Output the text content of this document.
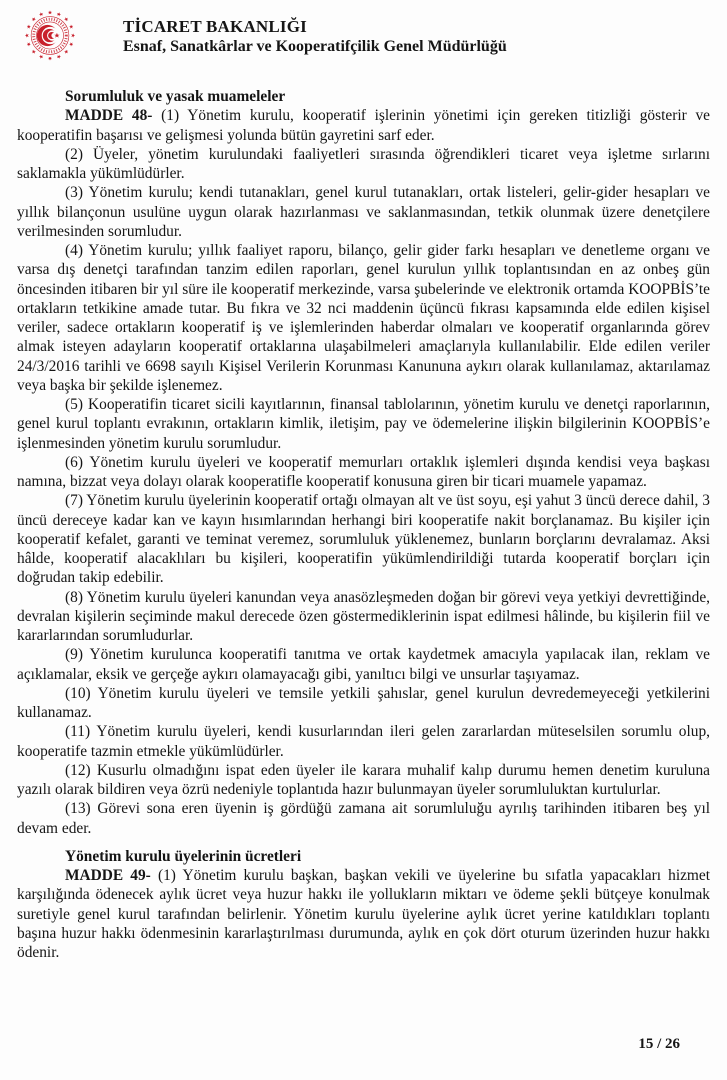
TİCARET BAKANLIĞI
Esnaf, Sanatkârlar ve Kooperatifçilik Genel Müdürlüğü
Sorumluluk ve yasak muameleler

MADDE 48- (1) Yönetim kurulu, kooperatif işlerinin yönetimi için gereken titizliği gösterir ve kooperatifin başarısı ve gelişmesi yolunda bütün gayretini sarf eder.

(2) Üyeler, yönetim kurulundaki faaliyetleri sırasında öğrendikleri ticaret veya işletme sırlarını saklamakla yükümlüdürler.

(3) Yönetim kurulu; kendi tutanakları, genel kurul tutanakları, ortak listeleri, gelir-gider hesapları ve yıllık bilançonun usulüne uygun olarak hazırlanması ve saklanmasından, tetkik olunmak üzere denetçilere verilmesinden sorumludur.

(4) Yönetim kurulu; yıllık faaliyet raporu, bilanço, gelir gider farkı hesapları ve denetleme organı ve varsa dış denetçi tarafından tanzim edilen raporları, genel kurulun yıllık toplantısından en az onbeş gün öncesinden itibaren bir yıl süre ile kooperatif merkezinde, varsa şubelerinde ve elektronik ortamda KOOPBİS’te ortakların tetkikine amade tutar. Bu fıkra ve 32 nci maddenin üçüncü fıkrası kapsamında elde edilen kişisel veriler, sadece ortakların kooperatif iş ve işlemlerinden haberdar olmaları ve kooperatif organlarında görev almak isteyen adayların kooperatif ortaklarına ulaşabilmeleri amaçlarıyla kullanılabilir. Elde edilen veriler 24/3/2016 tarihli ve 6698 sayılı Kişisel Verilerin Korunması Kanununa aykırı olarak kullanılamaz, aktarılamaz veya başka bir şekilde işlenemez.

(5) Kooperatifin ticaret sicili kayıtlarının, finansal tablolarının, yönetim kurulu ve denetçi raporlarının, genel kurul toplantı evrakının, ortakların kimlik, iletişim, pay ve ödemelerine ilişkin bilgilerinin KOOPBİS’e işlenmesinden yönetim kurulu sorumludur.

(6) Yönetim kurulu üyeleri ve kooperatif memurları ortaklık işlemleri dışında kendisi veya başkası namına, bizzat veya dolayı olarak kooperatifle kooperatif konusuna giren bir ticari muamele yapamaz.

(7) Yönetim kurulu üyelerinin kooperatif ortağı olmayan alt ve üst soyu, eşi yahut 3 üncü derece dahil, 3 üncü dereceye kadar kan ve kayın hısımlarından herhangi biri kooperatife nakit borçlanamaz. Bu kişiler için kooperatif kefalet, garanti ve teminat veremez, sorumluluk yüklenemez, bunların borçlarını devralamaz. Aksi hâlde, kooperatif alacaklıları bu kişileri, kooperatifin yükümlendirildiği tutarda kooperatif borçları için doğrudan takip edebilir.

(8) Yönetim kurulu üyeleri kanundan veya anasözleşmeden doğan bir görevi veya yetkiyi devrettiğinde, devralan kişilerin seçiminde makul derecede özen göstermediklerinin ispat edilmesi hâlinde, bu kişilerin fiil ve kararlarından sorumludurlar.

(9) Yönetim kurulunca kooperatifi tanıtma ve ortak kaydetmek amacıyla yapılacak ilan, reklam ve açıklamalar, eksik ve gerçeğe aykırı olamayacağı gibi, yanıltıcı bilgi ve unsurlar taşıyamaz.

(10) Yönetim kurulu üyeleri ve temsile yetkili şahıslar, genel kurulun devredemeyeceği yetkilerini kullanamaz.

(11) Yönetim kurulu üyeleri, kendi kusurlarından ileri gelen zararlardan müteselsilen sorumlu olup, kooperatife tazmin etmekle yükümlüdürler.

(12) Kusurlu olmadığını ispat eden üyeler ile karara muhalif kalıp durumu hemen denetim kuruluna yazılı olarak bildiren veya özrü nedeniyle toplantıda hazır bulunmayan üyeler sorumluluktan kurtulurlar.

(13) Görevi sona eren üyenin iş gördüğü zamana ait sorumluluğu ayrılış tarihinden itibaren beş yıl devam eder.

Yönetim kurulu üyelerinin ücretleri

MADDE 49- (1) Yönetim kurulu başkan, başkan vekili ve üyelerine bu sıfatla yapacakları hizmet karşılığında ödenecek aylık ücret veya huzur hakkı ile yollukların miktarı ve ödeme şekli bütçeye konulmak suretiyle genel kurul tarafından belirlenir. Yönetim kurulu üyelerine aylık ücret yerine katıldıkları toplantı başına huzur hakkı ödenmesinin kararlaştırılması durumunda, aylık en çok dört oturum üzerinden huzur hakkı ödenir.

15 / 26
